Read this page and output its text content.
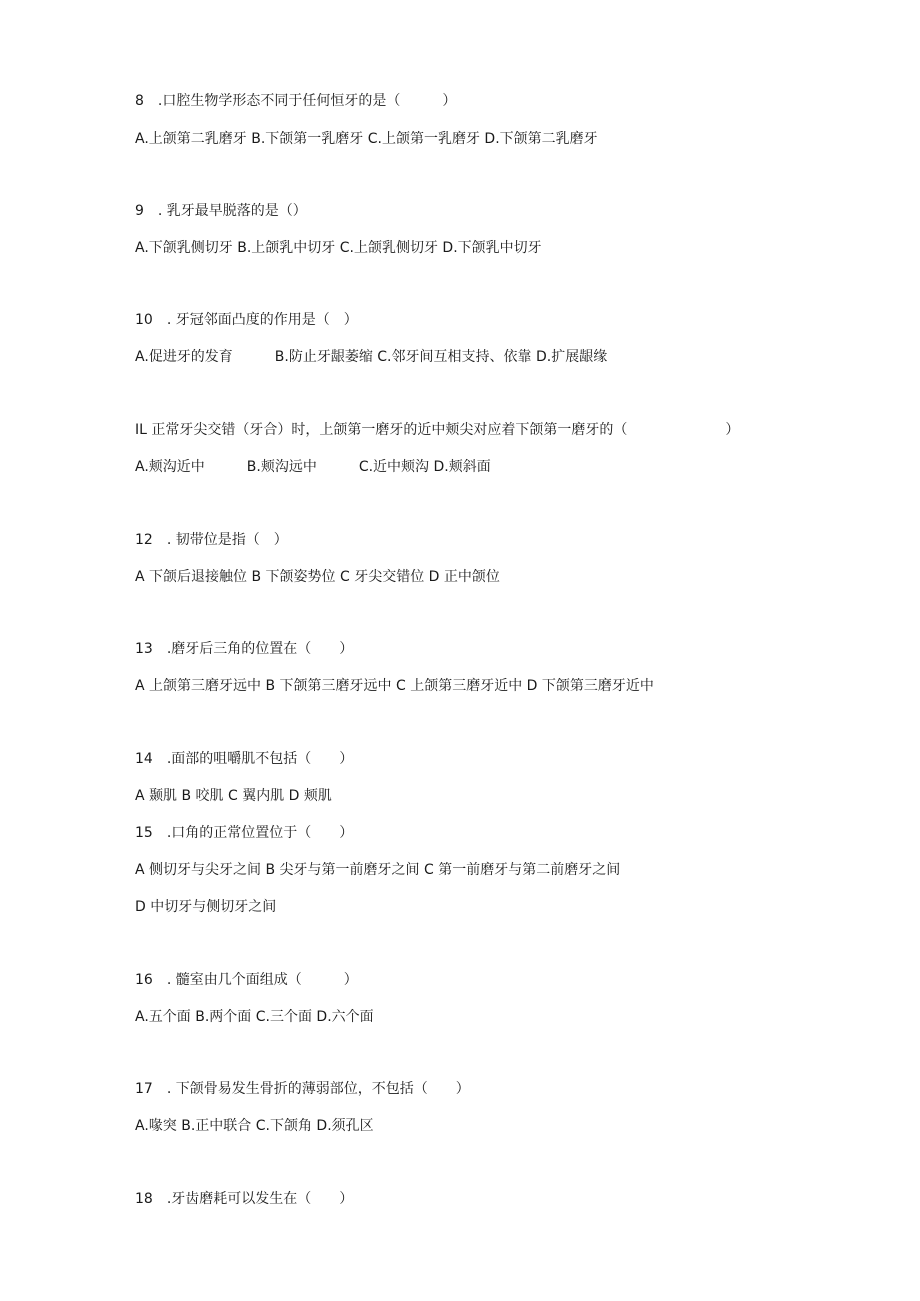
8　.口腔生物学形态不同于任何恒牙的是（　　　）
A.上颌第二乳磨牙 B.下颌第一乳磨牙 C.上颌第一乳磨牙 D.下颌第二乳磨牙
9　. 乳牙最早脱落的是（）
A.下颌乳侧切牙 B.上颌乳中切牙 C.上颌乳侧切牙 D.下颌乳中切牙
10　. 牙冠邻面凸度的作用是（　）
A.促进牙的发育　　　B.防止牙龈萎缩 C.邻牙间互相支持、依靠 D.扩展龈缘
IL 正常牙尖交错（牙合）时，上颌第一磨牙的近中颊尖对应着下颌第一磨牙的（　　　　　　　）
A.颊沟近中　　　B.颊沟远中　　　C.近中颊沟 D.颊斜面
12　. 韧带位是指（　）
A 下颌后退接触位 B 下颌姿势位 C 牙尖交错位 D 正中颌位
13　.磨牙后三角的位置在（　　）
A 上颌第三磨牙远中 B 下颌第三磨牙远中 C 上颌第三磨牙近中 D 下颌第三磨牙近中
14　.面部的咀嚼肌不包括（　　）
A 颞肌 B 咬肌 C 翼内肌 D 颊肌
15　.口角的正常位置位于（　　）
A 侧切牙与尖牙之间 B 尖牙与第一前磨牙之间 C 第一前磨牙与第二前磨牙之间
D 中切牙与侧切牙之间
16　. 髓室由几个面组成（　　　）
A.五个面 B.两个面 C.三个面 D.六个面
17　. 下颌骨易发生骨折的薄弱部位，不包括（　　）
A.喙突 B.正中联合 C.下颌角 D.须孔区
18　.牙齿磨耗可以发生在（　　）
